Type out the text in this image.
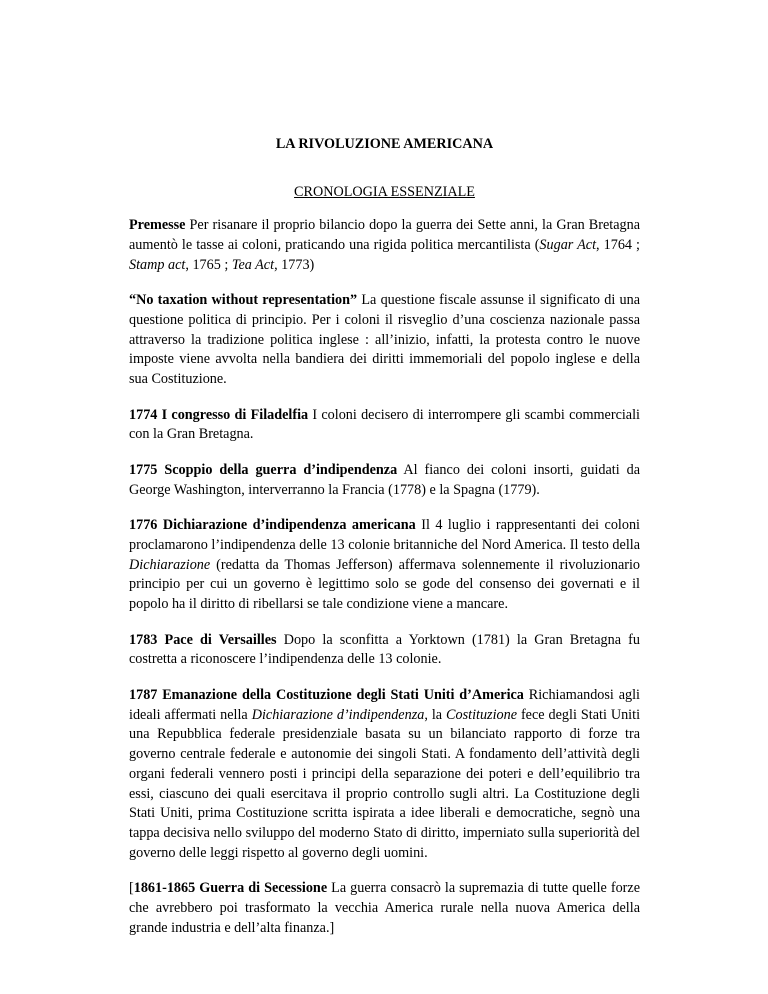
LA RIVOLUZIONE AMERICANA

CRONOLOGIA ESSENZIALE

Premesse Per risanare il proprio bilancio dopo la guerra dei Sette anni, la Gran Bretagna aumentò le tasse ai coloni, praticando una rigida politica mercantilista (Sugar Act, 1764 ; Stamp act, 1765 ; Tea Act, 1773)

“No taxation without representation” La questione fiscale assunse il significato di una questione politica di principio. Per i coloni il risveglio d’una coscienza nazionale passa attraverso la tradizione politica inglese : all’inizio, infatti, la protesta contro le nuove imposte viene avvolta nella bandiera dei diritti immemoriali del popolo inglese e della sua Costituzione.

1774 I congresso di Filadelfia I coloni decisero di interrompere gli scambi commerciali con la Gran Bretagna.

1775 Scoppio della guerra d’indipendenza Al fianco dei coloni insorti, guidati da George Washington, interverranno la Francia (1778) e la Spagna (1779).

1776 Dichiarazione d’indipendenza americana Il 4 luglio i rappresentanti dei coloni proclamarono l’indipendenza delle 13 colonie britanniche del Nord America. Il testo della Dichiarazione (redatta da Thomas Jefferson) affermava solennemente il rivoluzionario principio per cui un governo è legittimo solo se gode del consenso dei governati e il popolo ha il diritto di ribellarsi se tale condizione viene a mancare.

1783 Pace di Versailles Dopo la sconfitta a Yorktown (1781) la Gran Bretagna fu costretta a riconoscere l’indipendenza delle 13 colonie.

1787 Emanazione della Costituzione degli Stati Uniti d’America Richiamandosi agli ideali affermati nella Dichiarazione d’indipendenza, la Costituzione fece degli Stati Uniti una Repubblica federale presidenziale basata su un bilanciato rapporto di forze tra governo centrale federale e autonomie dei singoli Stati. A fondamento dell’attività degli organi federali vennero posti i principi della separazione dei poteri e dell’equilibrio tra essi, ciascuno dei quali esercitava il proprio controllo sugli altri. La Costituzione degli Stati Uniti, prima Costituzione scritta ispirata a idee liberali e democratiche, segnò una tappa decisiva nello sviluppo del moderno Stato di diritto, imperniato sulla superiorità del governo delle leggi rispetto al governo degli uomini.

[1861-1865 Guerra di Secessione La guerra consacrò la supremazia di tutte quelle forze che avrebbero poi trasformato la vecchia America rurale nella nuova America della grande industria e dell’alta finanza.]
